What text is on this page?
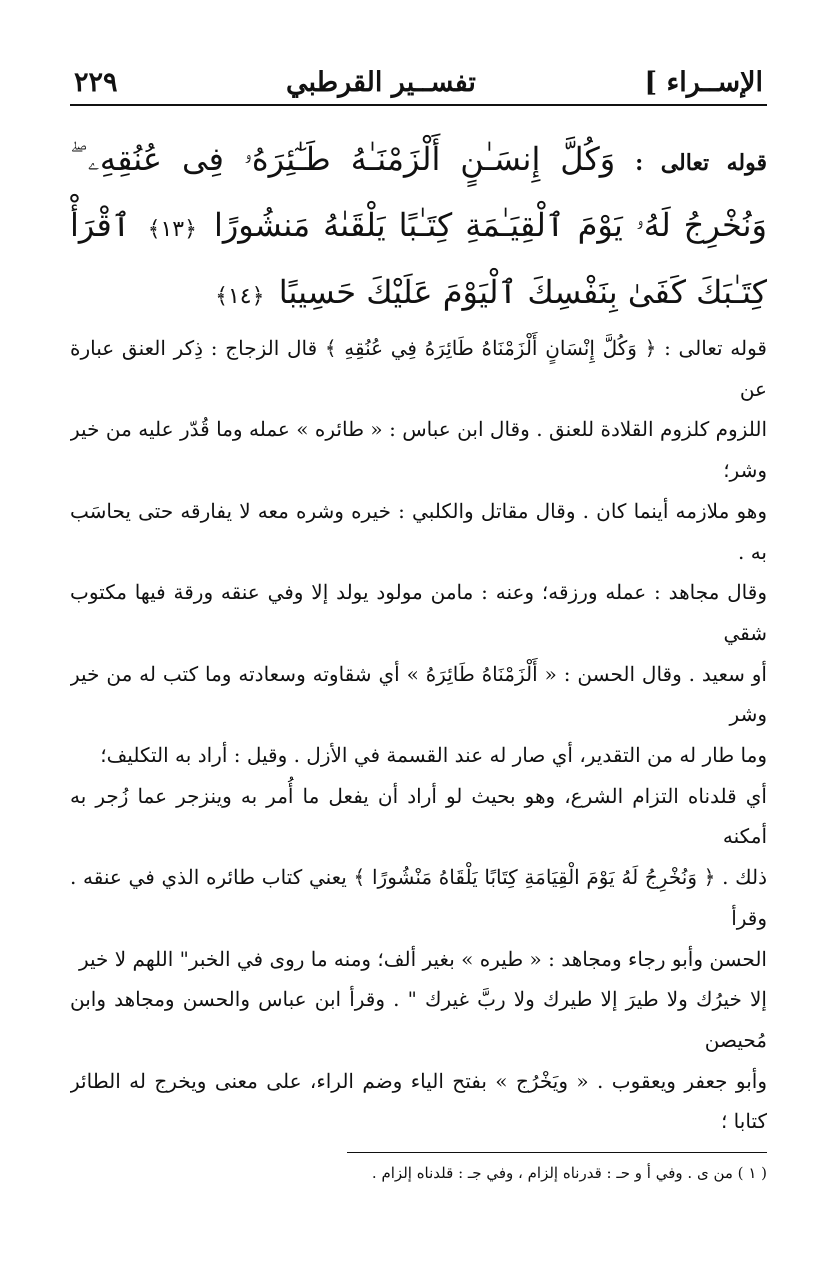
الإســراء ]
تفســير القرطبي
٢٢٩
قوله تعالى : وَكُلَّ إِنسَـٰنٍ أَلْزَمْنَـٰهُ طَـٰٓئِرَهُۥ فِى عُنُقِهِۦ ۖ وَنُخْرِجُ لَهُۥ يَوْمَ ٱلْقِيَـٰمَةِ كِتَـٰبًا يَلْقَىٰهُ مَنشُورًا ﴿١٣﴾ ٱقْرَأْ كِتَـٰبَكَ كَفَىٰ بِنَفْسِكَ ٱلْيَوْمَ عَلَيْكَ حَسِيبًا ﴿١٤﴾

قوله تعالى : ﴿ وَكُلَّ إِنْسَانٍ أَلْزَمْنَاهُ طَائِرَهُ فِي عُنُقِهِ ﴾ قال الزجاج : ذِكر العنق عبارة عن

اللزوم كلزوم القلادة للعنق . وقال ابن عباس : « طائره » عمله وما قُدّر عليه من خير وشر؛

وهو ملازمه أينما كان . وقال مقاتل والكلبي : خيره وشره معه لا يفارقه حتى يحاسَب به .

وقال مجاهد : عمله ورزقه؛ وعنه : مامن مولود يولد إلا وفي عنقه ورقة فيها مكتوب شقي

أو سعيد . وقال الحسن : « أَلْزَمْنَاهُ طَائِرَهُ » أي شقاوته وسعادته وما كتب له من خير وشر

وما طار له من التقدير، أي صار له عند القسمة في الأزل . وقيل : أراد به التكليف؛

أي قلدناه التزام الشرع، وهو بحيث لو أراد أن يفعل ما أُمر به وينزجر عما زُجر به أمكنه

ذلك . ﴿ وَنُخْرِجُ لَهُ يَوْمَ الْقِيَامَةِ كِتَابًا يَلْقَاهُ مَنْشُورًا ﴾ يعني كتاب طائره الذي في عنقه . وقرأ

الحسن وأبو رجاء ومجاهد : « طيره » بغير ألف؛ ومنه ما روى في الخبر" اللهم لا خير

إلا خيرُك ولا طيرَ إلا طيرك ولا ربَّ غيرك " . وقرأ ابن عباس والحسن ومجاهد وابن مُحيصن

وأبو جعفر ويعقوب . « ويَخْرُج » بفتح الياء وضم الراء، على معنى ويخرج له الطائر كتابا ؛

( ١ ) من ى . وفي أ و حـ : قدرناه إلزام ، وفي جـ : قلدناه إلزام .
